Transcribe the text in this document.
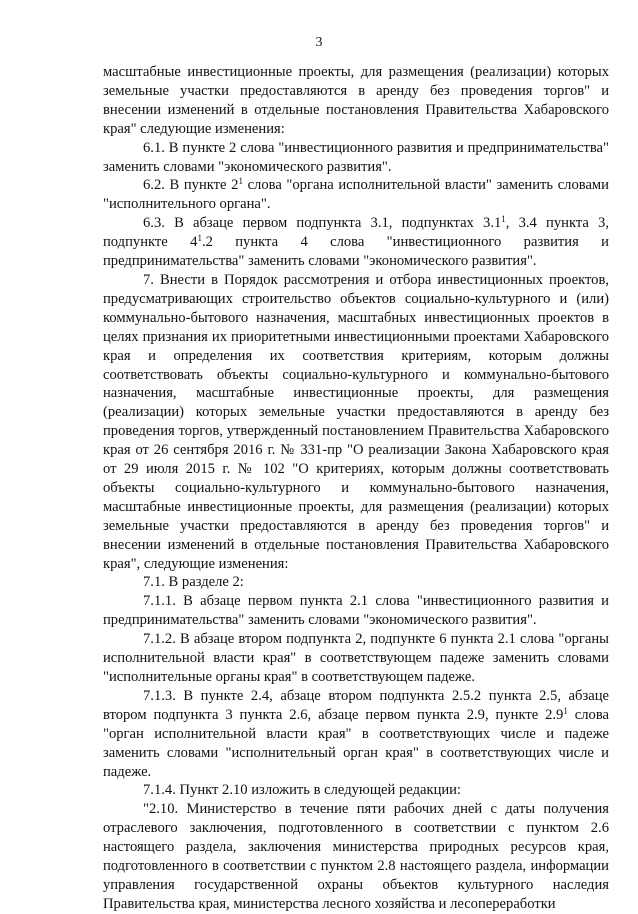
3

масштабные инвестиционные проекты, для размещения (реализации) которых земельные участки предоставляются в аренду без проведения торгов" и внесении изменений в отдельные постановления Правительства Хабаровского края" следующие изменения:

6.1. В пункте 2 слова "инвестиционного развития и предпринимательства" заменить словами "экономического развития".

6.2. В пункте $2^1$ слова "органа исполнительной власти" заменить словами "исполнительного органа".

6.3. В абзаце первом подпункта 3.1, подпунктах $3.1^1$, 3.4 пункта 3, подпункте $4^1.2$ пункта 4 слова "инвестиционного развития и предпринимательства" заменить словами "экономического развития".

7. Внести в Порядок рассмотрения и отбора инвестиционных проектов, предусматривающих строительство объектов социально-культурного и (или) коммунально-бытового назначения, масштабных инвестиционных проектов в целях признания их приоритетными инвестиционными проектами Хабаровского края и определения их соответствия критериям, которым должны соответствовать объекты социально-культурного и коммунально-бытового назначения, масштабные инвестиционные проекты, для размещения (реализации) которых земельные участки предоставляются в аренду без проведения торгов, утвержденный постановлением Правительства Хабаровского края от 26 сентября 2016 г. № 331-пр "О реализации Закона Хабаровского края от 29 июля 2015 г. № 102 "О критериях, которым должны соответствовать объекты социально-культурного и коммунально-бытового назначения, масштабные инвестиционные проекты, для размещения (реализации) которых земельные участки предоставляются в аренду без проведения торгов" и внесении изменений в отдельные постановления Правительства Хабаровского края", следующие изменения:

7.1. В разделе 2:

7.1.1. В абзаце первом пункта 2.1 слова "инвестиционного развития и предпринимательства" заменить словами "экономического развития".

7.1.2. В абзаце втором подпункта 2, подпункте 6 пункта 2.1 слова "органы исполнительной власти края" в соответствующем падеже заменить словами "исполнительные органы края" в соответствующем падеже.

7.1.3. В пункте 2.4, абзаце втором подпункта 2.5.2 пункта 2.5, абзаце втором подпункта 3 пункта 2.6, абзаце первом пункта 2.9, пункте $2.9^1$ слова "орган исполнительной власти края" в соответствующих числе и падеже заменить словами "исполнительный орган края" в соответствующих числе и падеже.

7.1.4. Пункт 2.10 изложить в следующей редакции:

"2.10. Министерство в течение пяти рабочих дней с даты получения отраслевого заключения, подготовленного в соответствии с пунктом 2.6 настоящего раздела, заключения министерства природных ресурсов края, подготовленного в соответствии с пунктом 2.8 настоящего раздела, информации управления государственной охраны объектов культурного наследия Правительства края, министерства лесного хозяйства и лесопереработки
